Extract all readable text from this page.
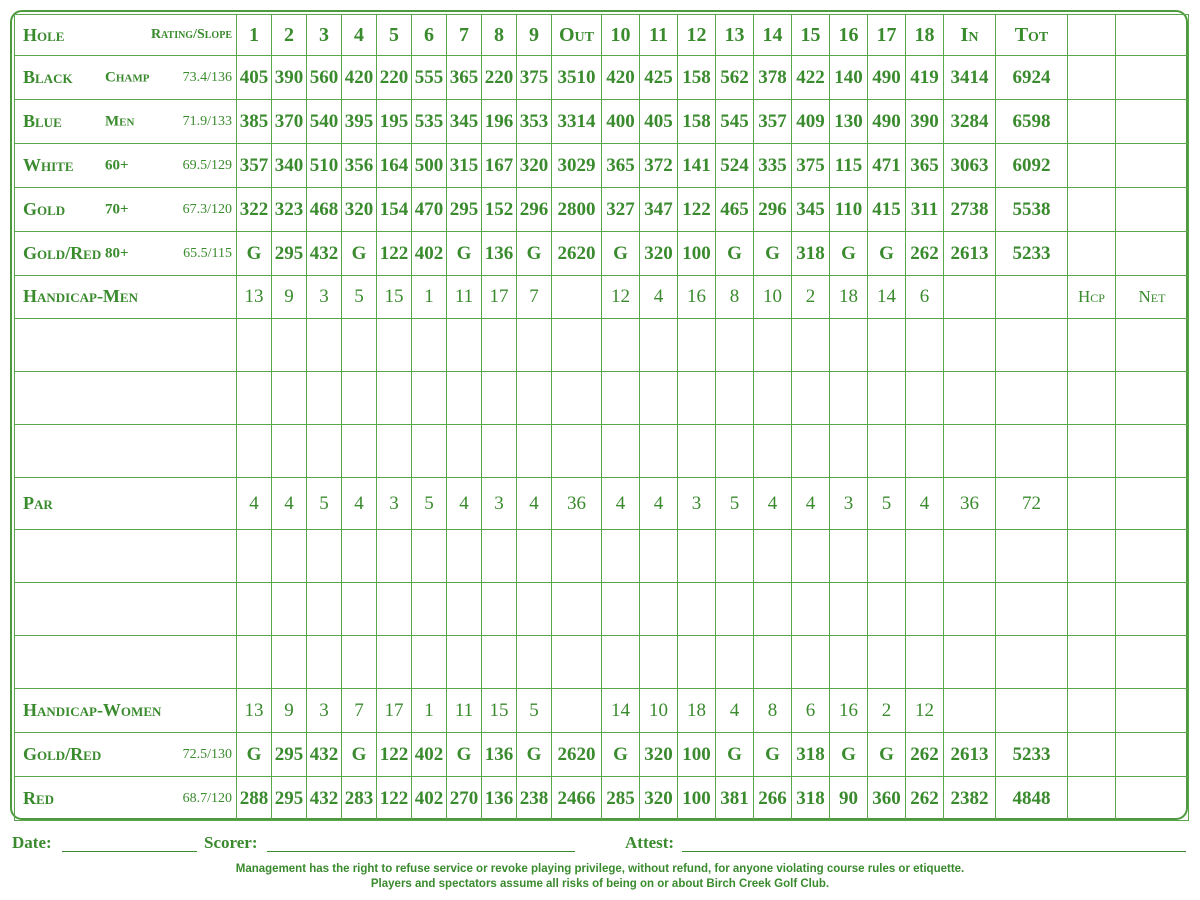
Hole Rating/Slope	1	2	3	4	5	6	7	8	9	Out	10	11	12	13	14	15	16	17	18	In	Tot		
Black Champ 73.4/136	405	390	560	420	220	555	365	220	375	3510	420	425	158	562	378	422	140	490	419	3414	6924		
Blue Men 71.9/133	385	370	540	395	195	535	345	196	353	3314	400	405	158	545	357	409	130	490	390	3284	6598		
White 60+ 69.5/129	357	340	510	356	164	500	315	167	320	3029	365	372	141	524	335	375	115	471	365	3063	6092		
Gold 70+ 67.3/120	322	323	468	320	154	470	295	152	296	2800	327	347	122	465	296	345	110	415	311	2738	5538		
Gold/Red 80+ 65.5/115	G	295	432	G	122	402	G	136	G	2620	G	320	100	G	G	318	G	G	262	2613	5233		
Handicap-Men	13	9	3	5	15	1	11	17	7		12	4	16	8	10	2	18	14	6			Hcp	Net

Par	4	4	5	4	3	5	4	3	4	36	4	4	3	5	4	4	3	5	4	36	72		

Handicap-Women	13	9	3	7	17	1	11	15	5		14	10	18	4	8	6	16	2	12				
Gold/Red 72.5/130	G	295	432	G	122	402	G	136	G	2620	G	320	100	G	G	318	G	G	262	2613	5233		
Red 68.7/120	288	295	432	283	122	402	270	136	238	2466	285	320	100	381	266	318	90	360	262	2382	4848		
Date:	Scorer:	Attest:
Management has the right to refuse service or revoke playing privilege, without refund, for anyone violating course rules or etiquette.
Players and spectators assume all risks of being on or about Birch Creek Golf Club.
